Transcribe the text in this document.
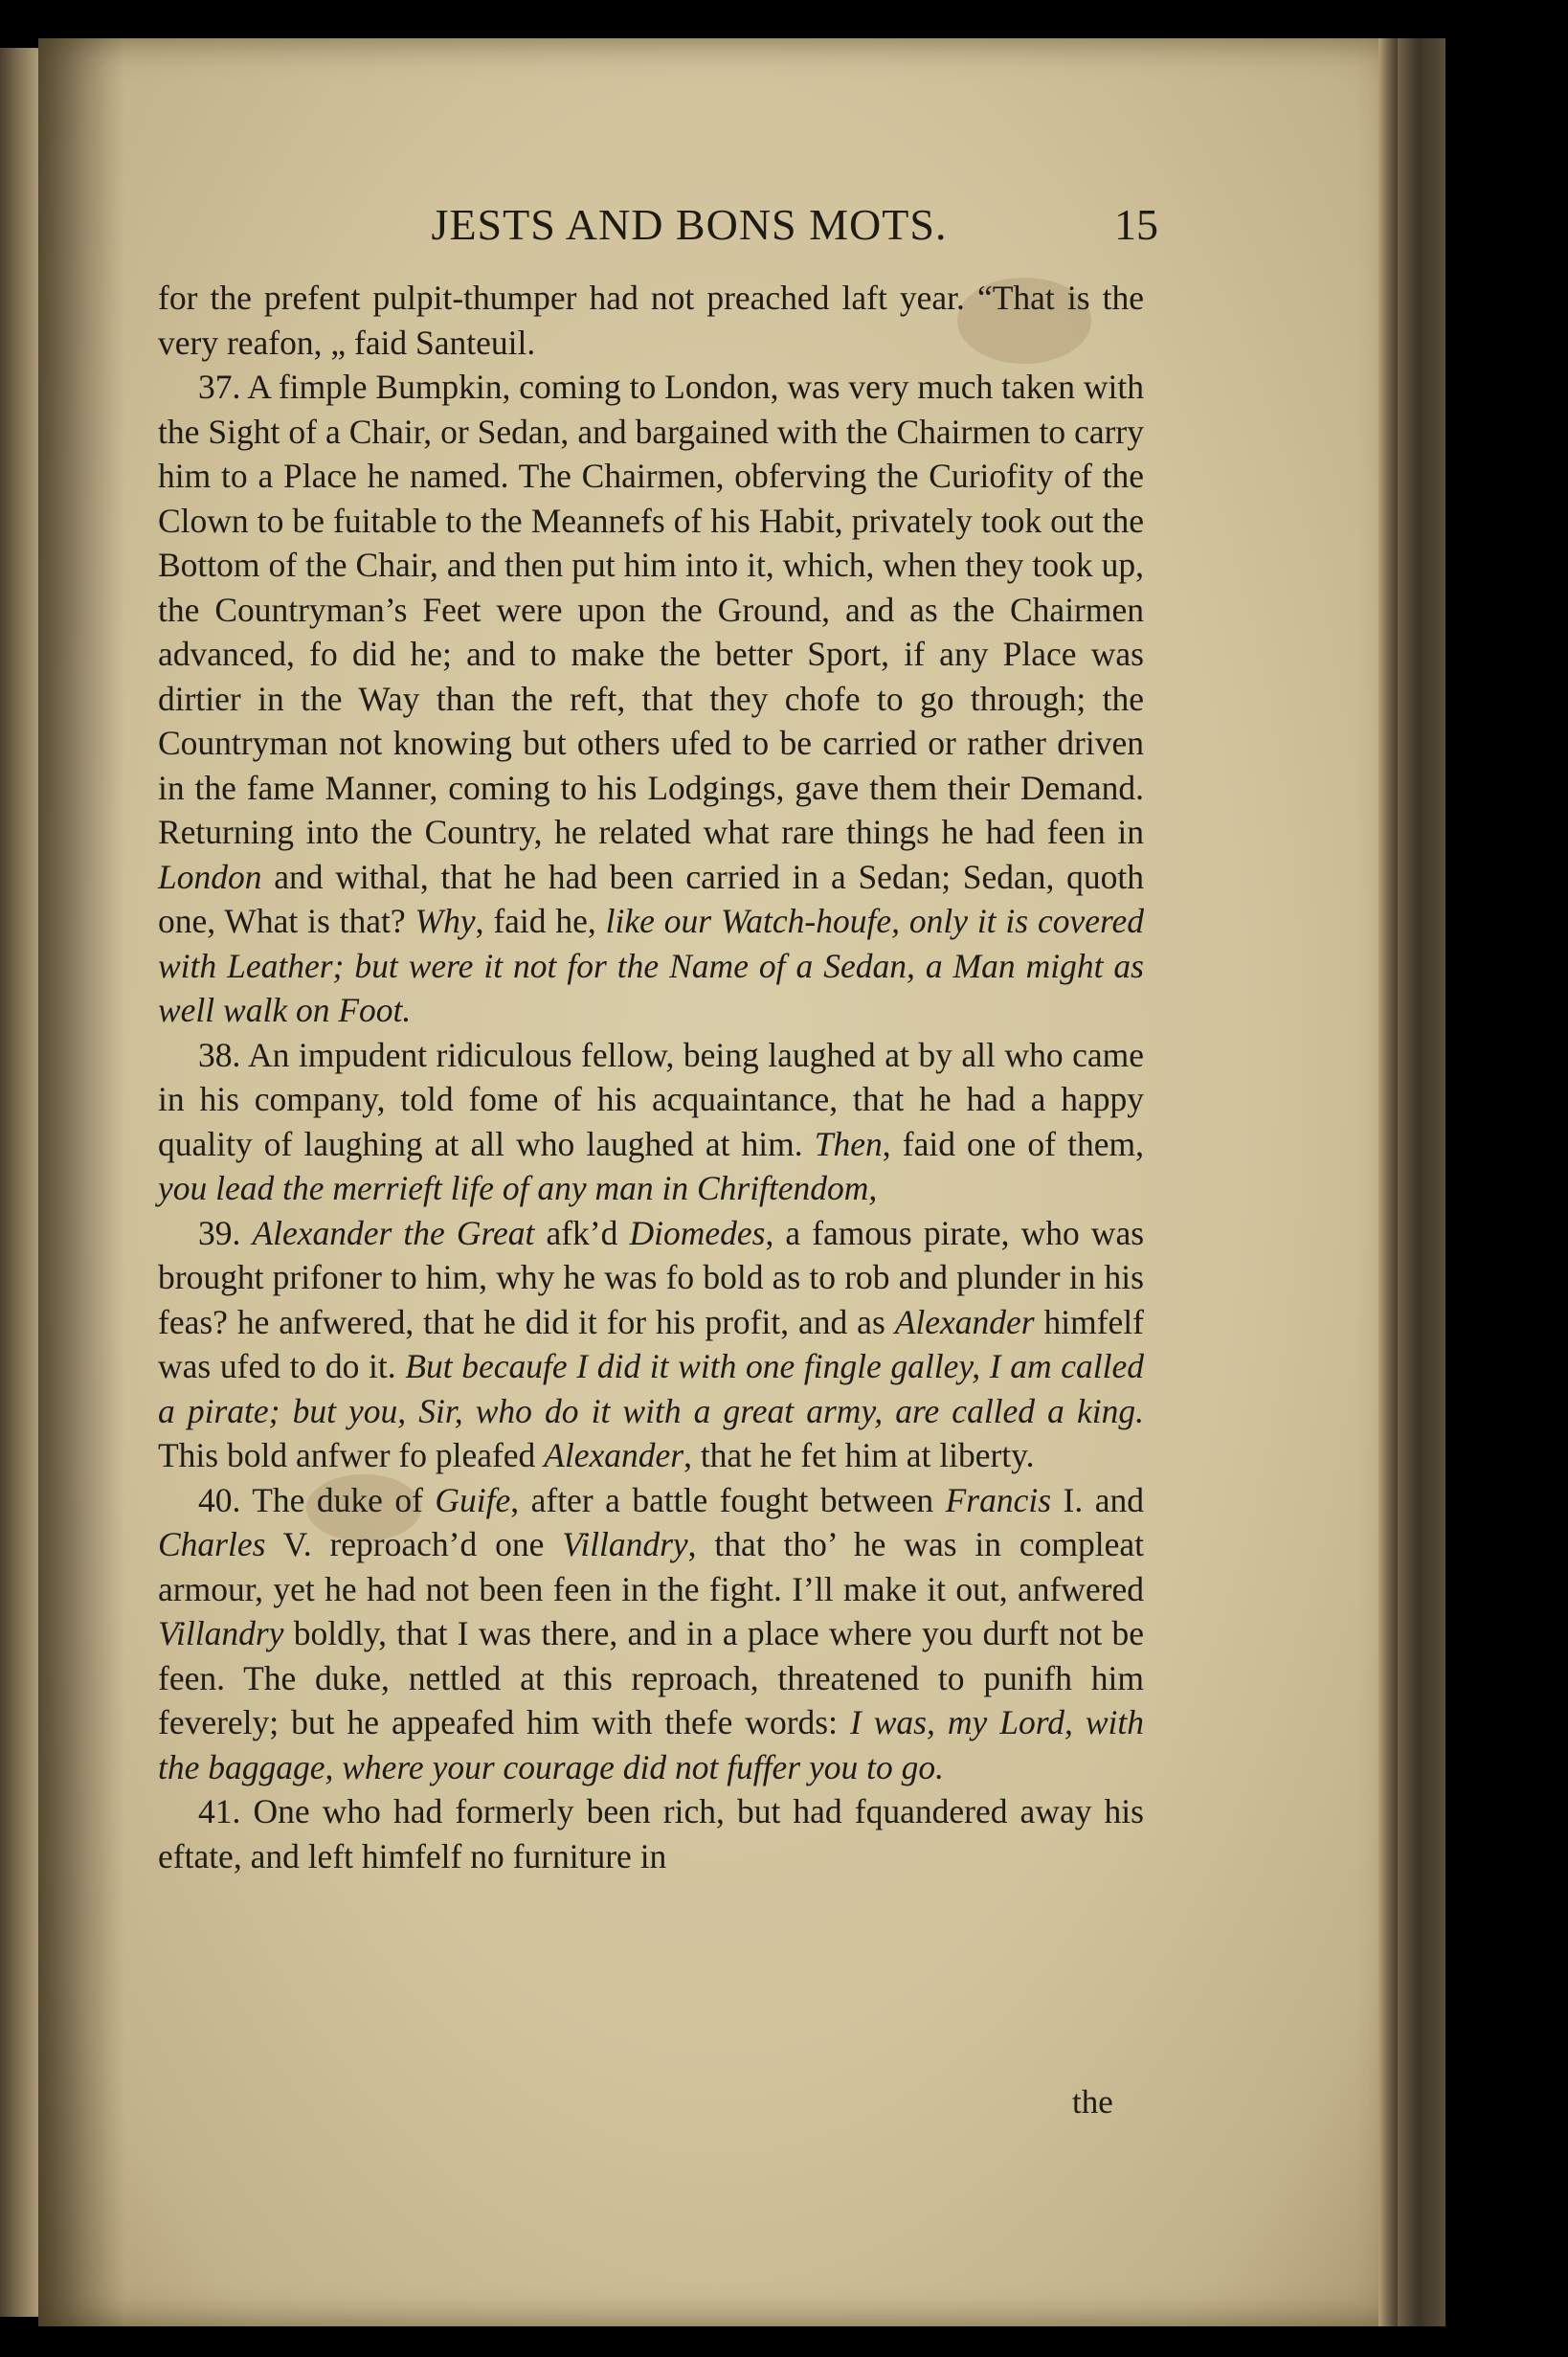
JESTS AND BONS MOTS.	15

for the prefent pulpit-thumper had not preached laft year. “That is the very reafon, „ faid Santeuil.

37. A fimple Bumpkin, coming to London, was very much taken with the Sight of a Chair, or Sedan, and bargained with the Chairmen to carry him to a Place he named. The Chairmen, obferving the Curiofity of the Clown to be fuitable to the Meannefs of his Habit, privately took out the Bottom of the Chair, and then put him into it, which, when they took up, the Countryman’s Feet were upon the Ground, and as the Chairmen advanced, fo did he; and to make the better Sport, if any Place was dirtier in the Way than the reft, that they chofe to go through; the Countryman not knowing but others ufed to be carried or rather driven in the fame Manner, coming to his Lodgings, gave them their Demand. Returning into the Country, he related what rare things he had feen in London and withal, that he had been carried in a Sedan; Sedan, quoth one, What is that? Why, faid he, like our Watch-houfe, only it is covered with Leather; but were it not for the Name of a Sedan, a Man might as well walk on Foot.

38. An impudent ridiculous fellow, being laughed at by all who came in his company, told fome of his acquaintance, that he had a happy quality of laughing at all who laughed at him. Then, faid one of them, you lead the merrieft life of any man in Chriftendom,

39. Alexander the Great afk’d Diomedes, a famous pirate, who was brought prifoner to him, why he was fo bold as to rob and plunder in his feas? he anfwered, that he did it for his profit, and as Alexander himfelf was ufed to do it. But becaufe I did it with one fingle galley, I am called a pirate; but you, Sir, who do it with a great army, are called a king. This bold anfwer fo pleafed Alexander, that he fet him at liberty.

40. The duke of Guife, after a battle fought between Francis I. and Charles V. reproach’d one Villandry, that tho’ he was in compleat armour, yet he had not been feen in the fight. I’ll make it out, anfwered Villandry boldly, that I was there, and in a place where you durft not be feen. The duke, nettled at this reproach, threatened to punifh him feverely; but he appeafed him with thefe words: I was, my Lord, with the baggage, where your courage did not fuffer you to go.

41. One who had formerly been rich, but had fquandered away his eftate, and left himfelf no furniture in

the
